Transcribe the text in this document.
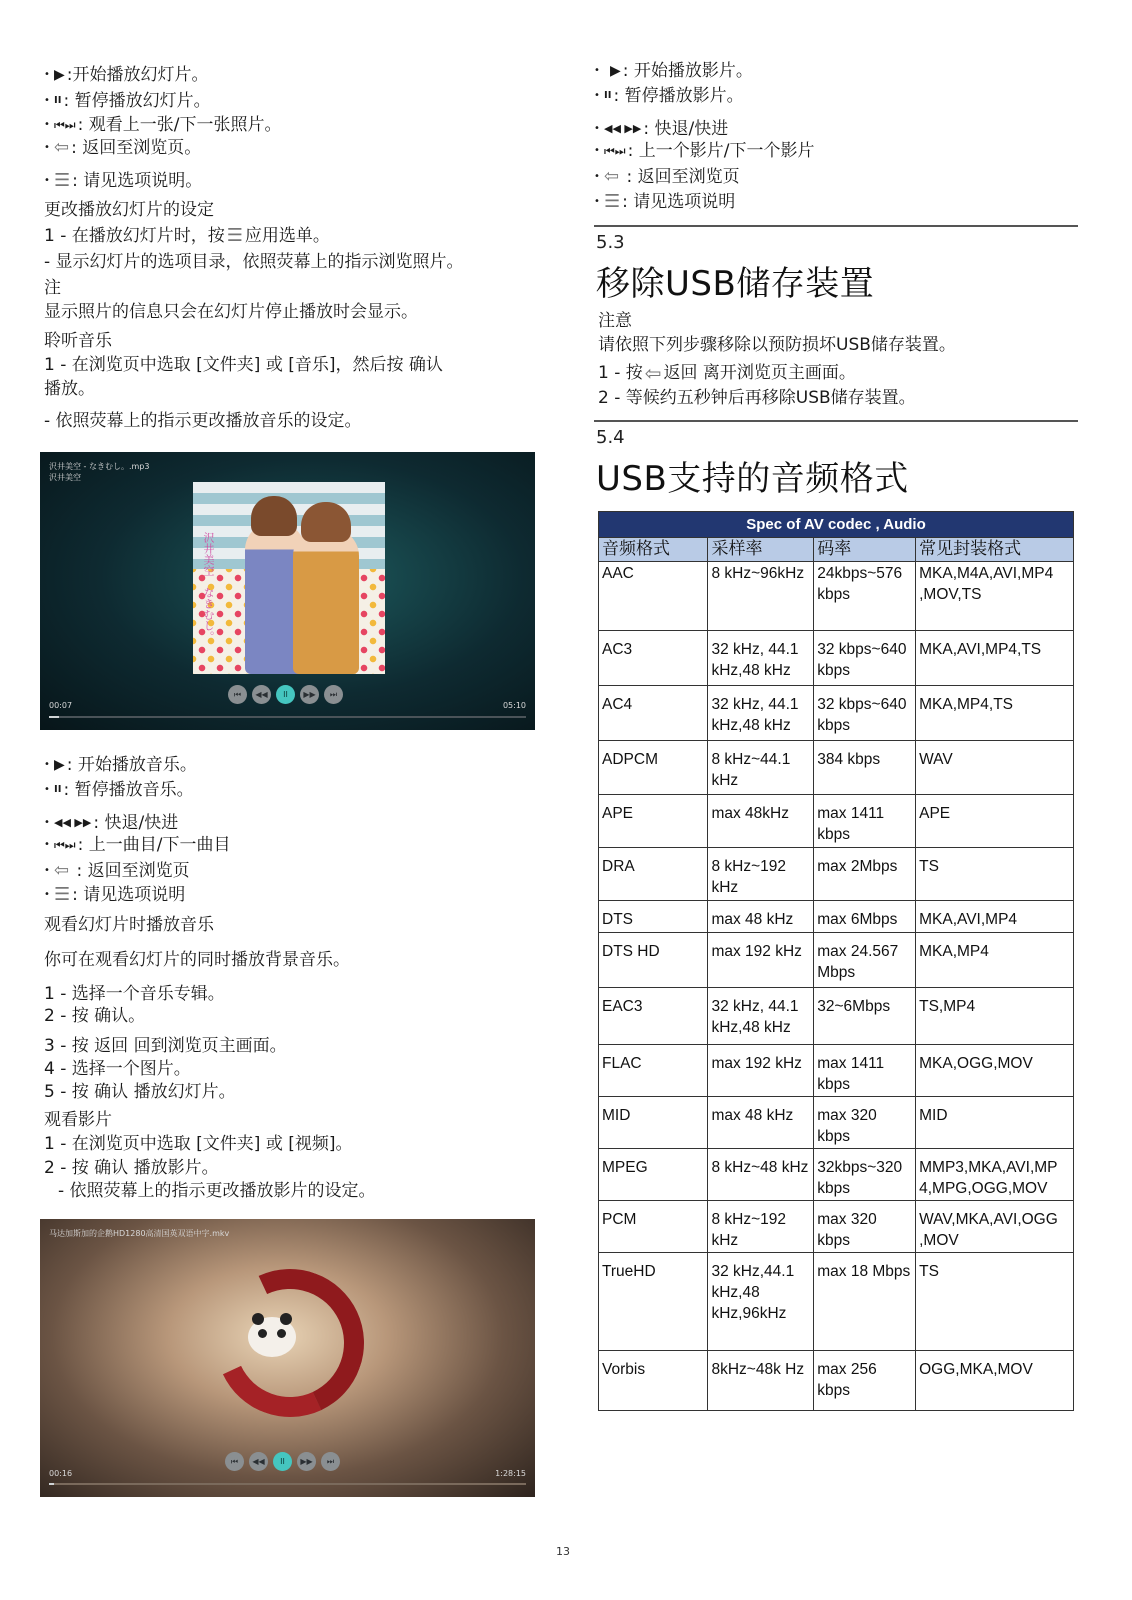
• ▶ :开始播放幻灯片。
• II : 暂停播放幻灯片。
• ⏮⏭ : 观看上一张/下一张照片。
• ⇦ : 返回至浏览页。
• ☰ : 请见选项说明。
更改播放幻灯片的设定
1 - 在播放幻灯片时，按 ☰ 应用选单。
- 显示幻灯片的选项目录，依照荧幕上的指示浏览照片。
注
显示照片的信息只会在幻灯片停止播放时会显示。
聆听音乐
1 - 在浏览页中选取 [文件夹] 或 [音乐]，然后按 确认
播放。
- 依照荧幕上的指示更改播放音乐的设定。
沢井美空 - なきむし。.mp3
沢井美空
沢井美空　なきむし。
⏮	◀◀	II	▶▶	⏭
00:07	05:10
• ▶ : 开始播放音乐。
• II : 暂停播放音乐。
• ◀◀ ▶▶ : 快退/快进
• ⏮⏭ : 上一曲目/下一曲目
• ⇦ : 返回至浏览页
• ☰ : 请见选项说明
观看幻灯片时播放音乐
你可在观看幻灯片的同时播放背景音乐。
1 - 选择一个音乐专辑。
2 - 按 确认。
3 - 按 返回 回到浏览页主画面。
4 - 选择一个图片。
5 - 按 确认 播放幻灯片。
观看影片
1 - 在浏览页中选取 [文件夹] 或 [视频]。
2 - 按 确认 播放影片。
- 依照荧幕上的指示更改播放影片的设定。
马达加斯加的企鹅HD1280高清国英双语中字.mkv
⏮	◀◀	II	▶▶	⏭
00:16	1:28:15
• ▶ : 开始播放影片。
• II : 暂停播放影片。
• ◀◀ ▶▶ : 快退/快进
• ⏮⏭ : 上一个影片/下一个影片
• ⇦ : 返回至浏览页
• ☰ : 请见选项说明
5.3
移除USB储存装置
注意
请依照下列步骤移除以预防损坏USB储存装置。
1 - 按 ⇦ 返回 离开浏览页主画面。
2 - 等候约五秒钟后再移除USB储存装置。
5.4
USB支持的音频格式
Spec of AV codec , Audio			
音频格式	采样率	码率	常见封装格式
AAC	8 kHz~96kHz	24kbps~576 kbps	MKA,M4A,AVI,MP4 ,MOV,TS
AC3	32 kHz, 44.1 kHz,48 kHz	32 kbps~640 kbps	MKA,AVI,MP4,TS
AC4	32 kHz, 44.1 kHz,48 kHz	32 kbps~640 kbps	MKA,MP4,TS
ADPCM	8 kHz~44.1 kHz	384 kbps	WAV
APE	max 48kHz	max 1411 kbps	APE
DRA	8 kHz~192 kHz	max 2Mbps	TS
DTS	max 48 kHz	max 6Mbps	MKA,AVI,MP4
DTS HD	max 192 kHz	max 24.567 Mbps	MKA,MP4
EAC3	32 kHz, 44.1 kHz,48 kHz	32~6Mbps	TS,MP4
FLAC	max 192 kHz	max 1411 kbps	MKA,OGG,MOV
MID	max 48 kHz	max 320 kbps	MID
MPEG	8 kHz~48 kHz	32kbps~320 kbps	MMP3,MKA,AVI,MP 4,MPG,OGG,MOV
PCM	8 kHz~192 kHz	max 320 kbps	WAV,MKA,AVI,OGG ,MOV
TrueHD	32 kHz,44.1 kHz,48 kHz,96kHz	max 18 Mbps	TS
Vorbis	8kHz~48k Hz	max 256 kbps	OGG,MKA,MOV
13
